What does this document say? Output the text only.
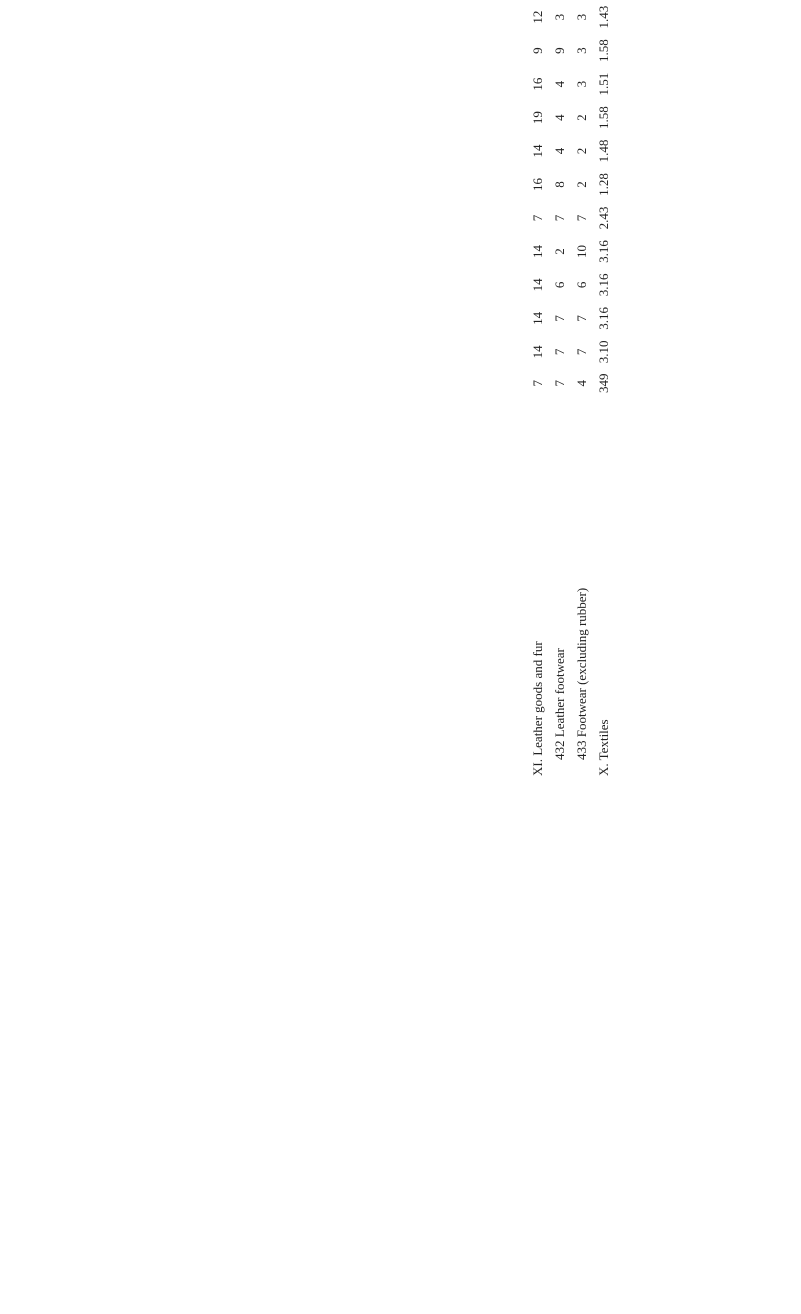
XI. Leather goods and fur	7	14	14	14	14	7	16	14	19	16	9	12											
432 Leather footwear	7	7	7	6	2	7	8	4	4	4	9	3											
433 Footwear (excluding rubber)	4	7	7	6	10	7	2	2	2	3	3	3											
X. Textiles	349	3.10	3.16	3.16	3.16	2.43	1.28	1.48	1.58	1.51	1.58	1.43											
